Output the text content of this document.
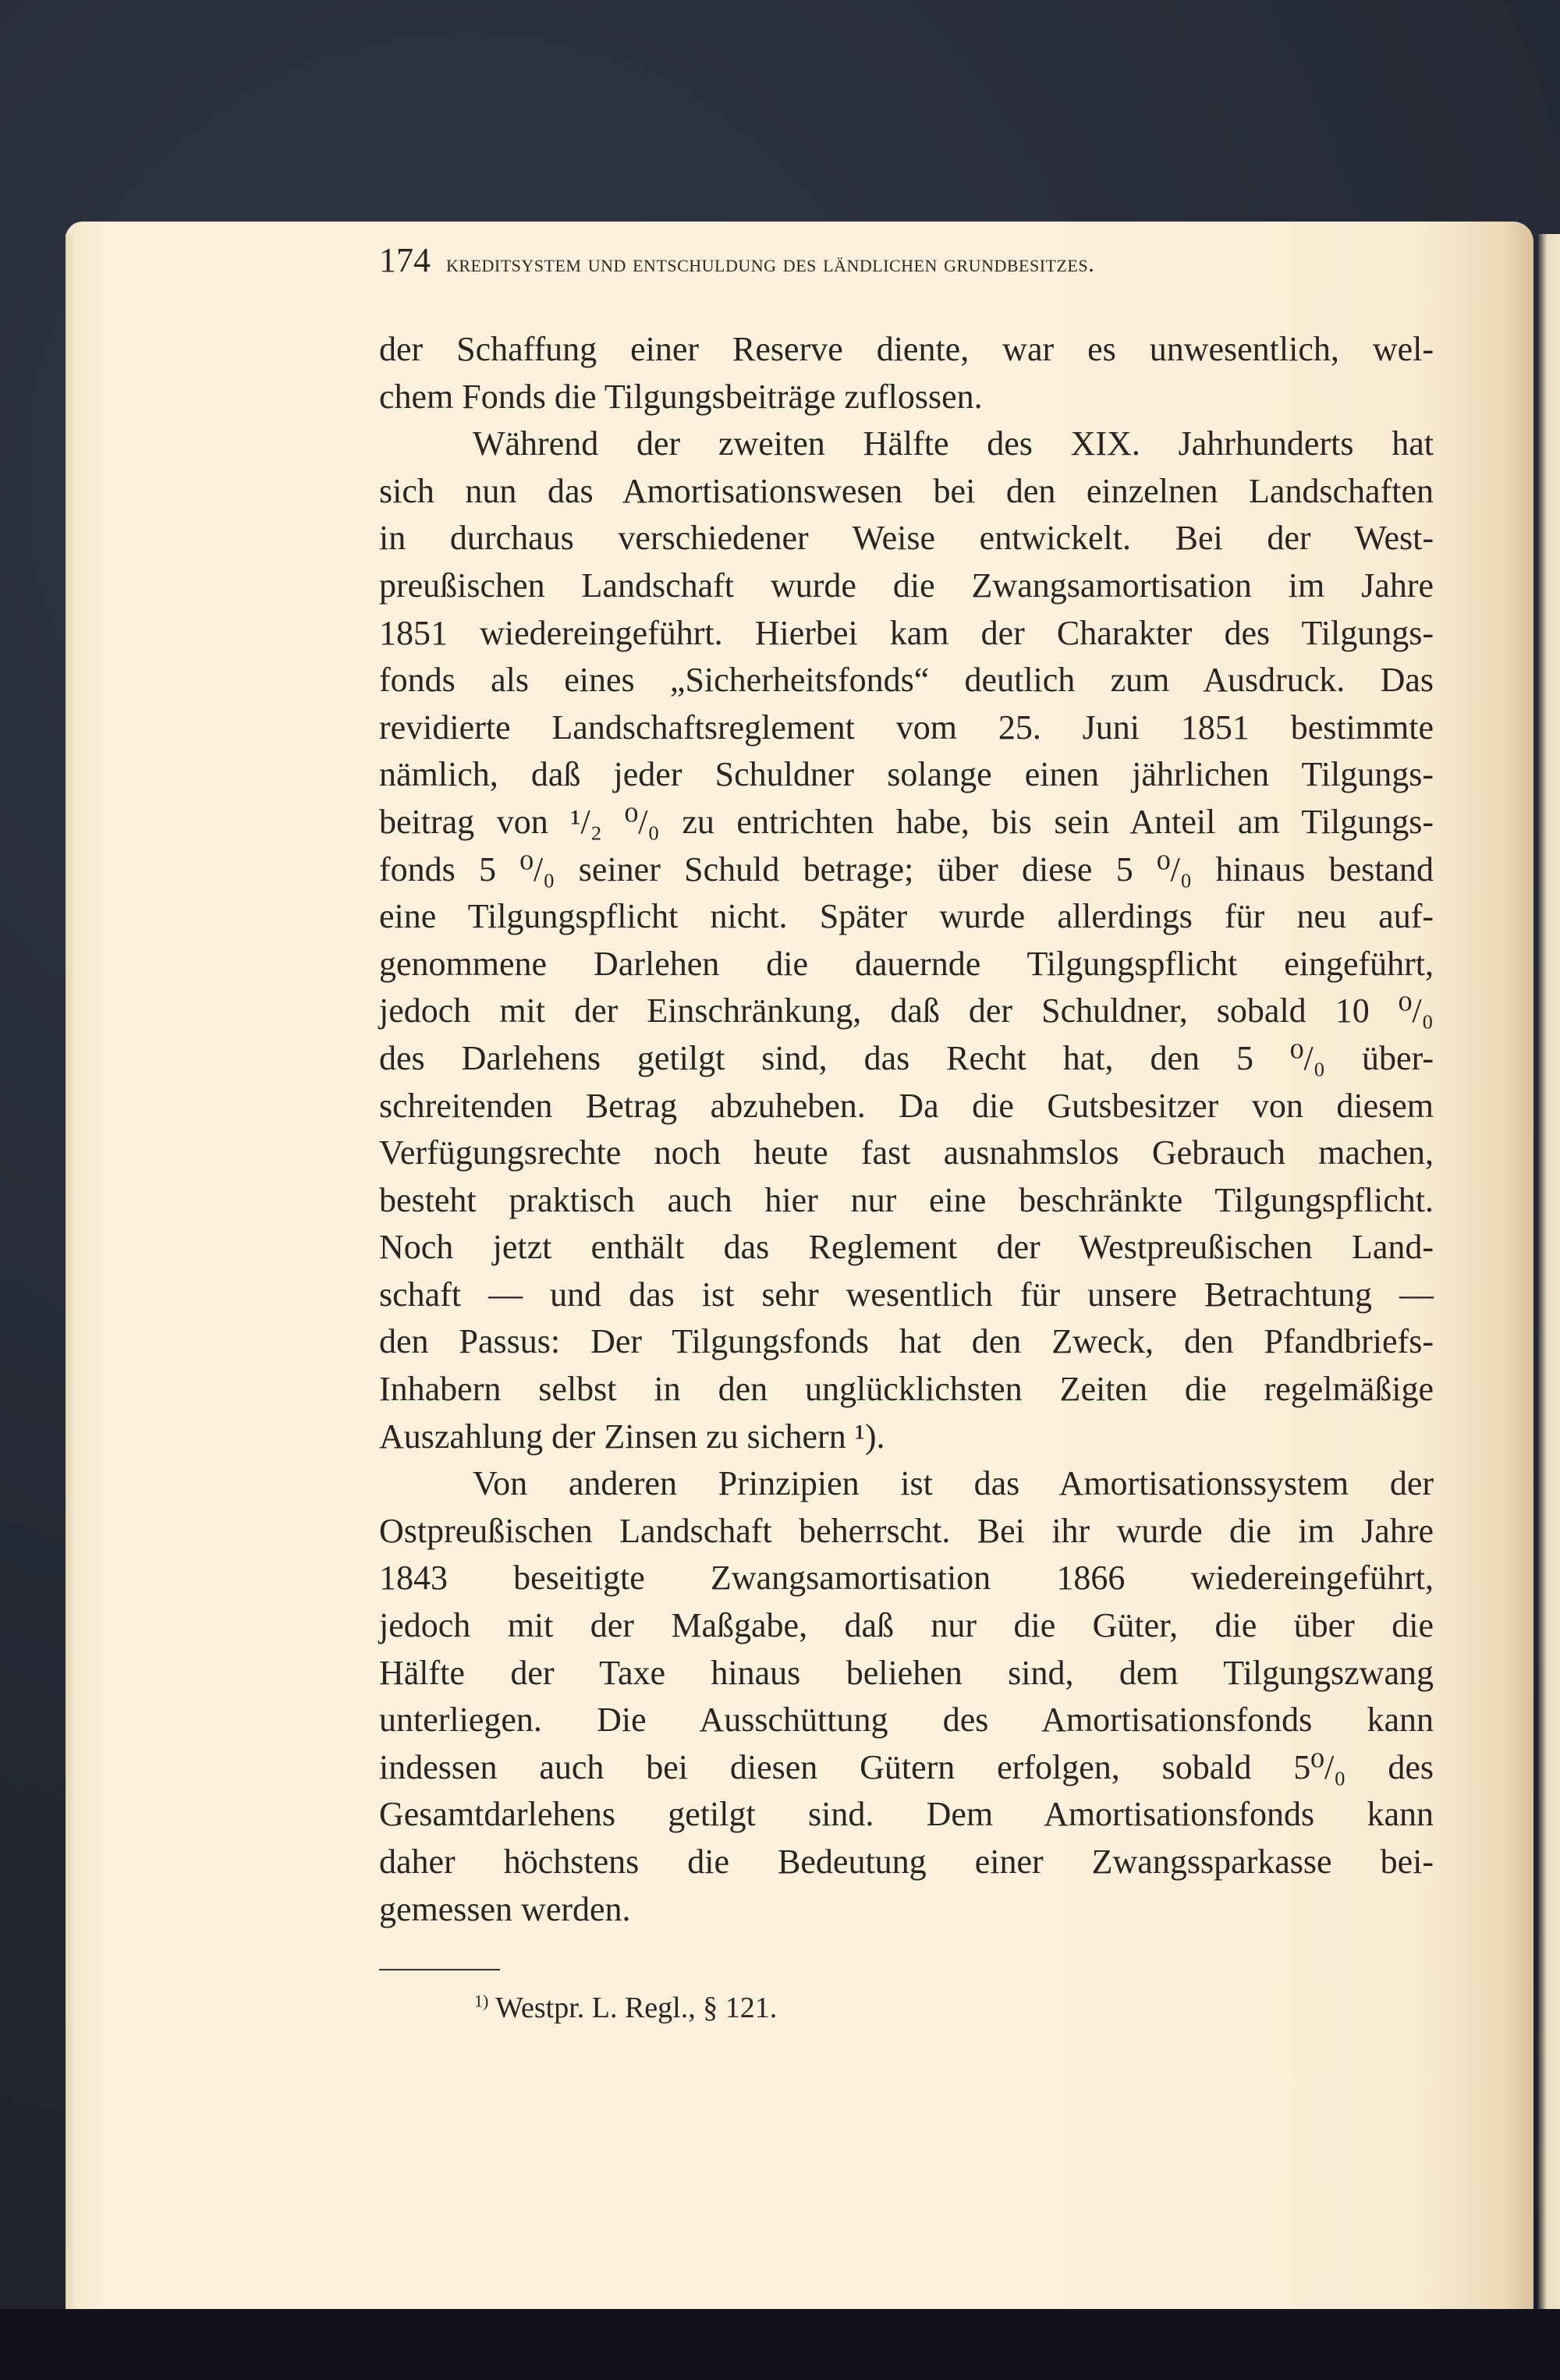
174 kreditsystem und entschuldung des ländlichen grundbesitzes.
der Schaffung einer Reserve diente, war es unwesentlich, wel-
chem Fonds die Tilgungsbeiträge zuflossen.
Während der zweiten Hälfte des XIX. Jahrhunderts hat
sich nun das Amortisationswesen bei den einzelnen Landschaften
in durchaus verschiedener Weise entwickelt. Bei der West-
preußischen Landschaft wurde die Zwangsamortisation im Jahre
1851 wiedereingeführt. Hierbei kam der Charakter des Tilgungs-
fonds als eines „Sicherheitsfonds“ deutlich zum Ausdruck. Das
revidierte Landschaftsreglement vom 25. Juni 1851 bestimmte
nämlich, daß jeder Schuldner solange einen jährlichen Tilgungs-
beitrag von ¹/₂ ⁰/₀ zu entrichten habe, bis sein Anteil am Tilgungs-
fonds 5 ⁰/₀ seiner Schuld betrage; über diese 5 ⁰/₀ hinaus bestand
eine Tilgungspflicht nicht. Später wurde allerdings für neu auf-
genommene Darlehen die dauernde Tilgungspflicht eingeführt,
jedoch mit der Einschränkung, daß der Schuldner, sobald 10 ⁰/₀
des Darlehens getilgt sind, das Recht hat, den 5 ⁰/₀ über-
schreitenden Betrag abzuheben. Da die Gutsbesitzer von diesem
Verfügungsrechte noch heute fast ausnahmslos Gebrauch machen,
besteht praktisch auch hier nur eine beschränkte Tilgungspflicht.
Noch jetzt enthält das Reglement der Westpreußischen Land-
schaft — und das ist sehr wesentlich für unsere Betrachtung —
den Passus: Der Tilgungsfonds hat den Zweck, den Pfandbriefs-
Inhabern selbst in den unglücklichsten Zeiten die regelmäßige
Auszahlung der Zinsen zu sichern ¹).
Von anderen Prinzipien ist das Amortisationssystem der
Ostpreußischen Landschaft beherrscht. Bei ihr wurde die im Jahre
1843 beseitigte Zwangsamortisation 1866 wiedereingeführt,
jedoch mit der Maßgabe, daß nur die Güter, die über die
Hälfte der Taxe hinaus beliehen sind, dem Tilgungszwang
unterliegen. Die Ausschüttung des Amortisationsfonds kann
indessen auch bei diesen Gütern erfolgen, sobald 5⁰/₀ des
Gesamtdarlehens getilgt sind. Dem Amortisationsfonds kann
daher höchstens die Bedeutung einer Zwangssparkasse bei-
gemessen werden.
$^{1)}$ Westpr. L. Regl., § 121.
